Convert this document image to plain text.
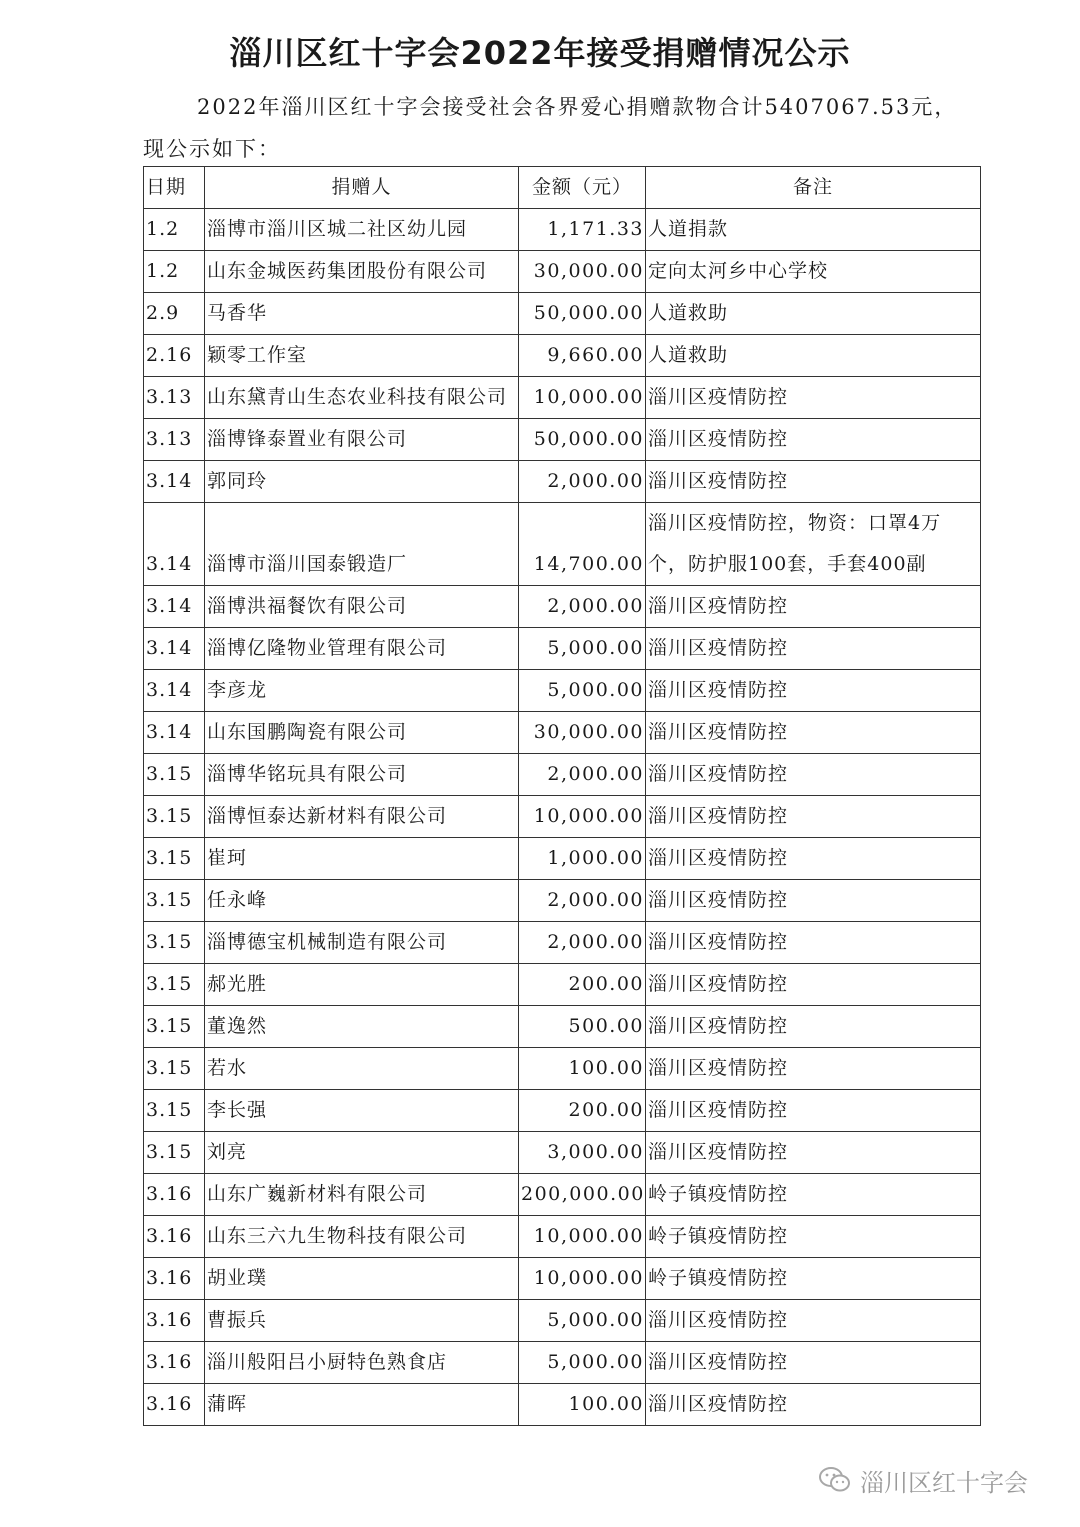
淄川区红十字会2022年接受捐赠情况公示

2022年淄川区红十字会接受社会各界爱心捐赠款物合计5407067.53元，现公示如下：

日期	捐赠人	金额（元）	备注
1.2	淄博市淄川区城二社区幼儿园	1,171.33	人道捐款
1.2	山东金城医药集团股份有限公司	30,000.00	定向太河乡中心学校
2.9	马香华	50,000.00	人道救助
2.16	颖零工作室	9,660.00	人道救助
3.13	山东黛青山生态农业科技有限公司	10,000.00	淄川区疫情防控
3.13	淄博锋泰置业有限公司	50,000.00	淄川区疫情防控
3.14	郭同玲	2,000.00	淄川区疫情防控
3.14	淄博市淄川国泰锻造厂	14,700.00	淄川区疫情防控，物资：口罩4万个，防护服100套，手套400副
3.14	淄博洪福餐饮有限公司	2,000.00	淄川区疫情防控
3.14	淄博亿隆物业管理有限公司	5,000.00	淄川区疫情防控
3.14	李彦龙	5,000.00	淄川区疫情防控
3.14	山东国鹏陶瓷有限公司	30,000.00	淄川区疫情防控
3.15	淄博华铭玩具有限公司	2,000.00	淄川区疫情防控
3.15	淄博恒泰达新材料有限公司	10,000.00	淄川区疫情防控
3.15	崔珂	1,000.00	淄川区疫情防控
3.15	任永峰	2,000.00	淄川区疫情防控
3.15	淄博德宝机械制造有限公司	2,000.00	淄川区疫情防控
3.15	郝光胜	200.00	淄川区疫情防控
3.15	董逸然	500.00	淄川区疫情防控
3.15	若水	100.00	淄川区疫情防控
3.15	李长强	200.00	淄川区疫情防控
3.15	刘亮	3,000.00	淄川区疫情防控
3.16	山东广巍新材料有限公司	200,000.00	岭子镇疫情防控
3.16	山东三六九生物科技有限公司	10,000.00	岭子镇疫情防控
3.16	胡业璞	10,000.00	岭子镇疫情防控
3.16	曹振兵	5,000.00	淄川区疫情防控
3.16	淄川般阳吕小厨特色熟食店	5,000.00	淄川区疫情防控
3.16	蒲晖	100.00	淄川区疫情防控
淄川区红十字会
